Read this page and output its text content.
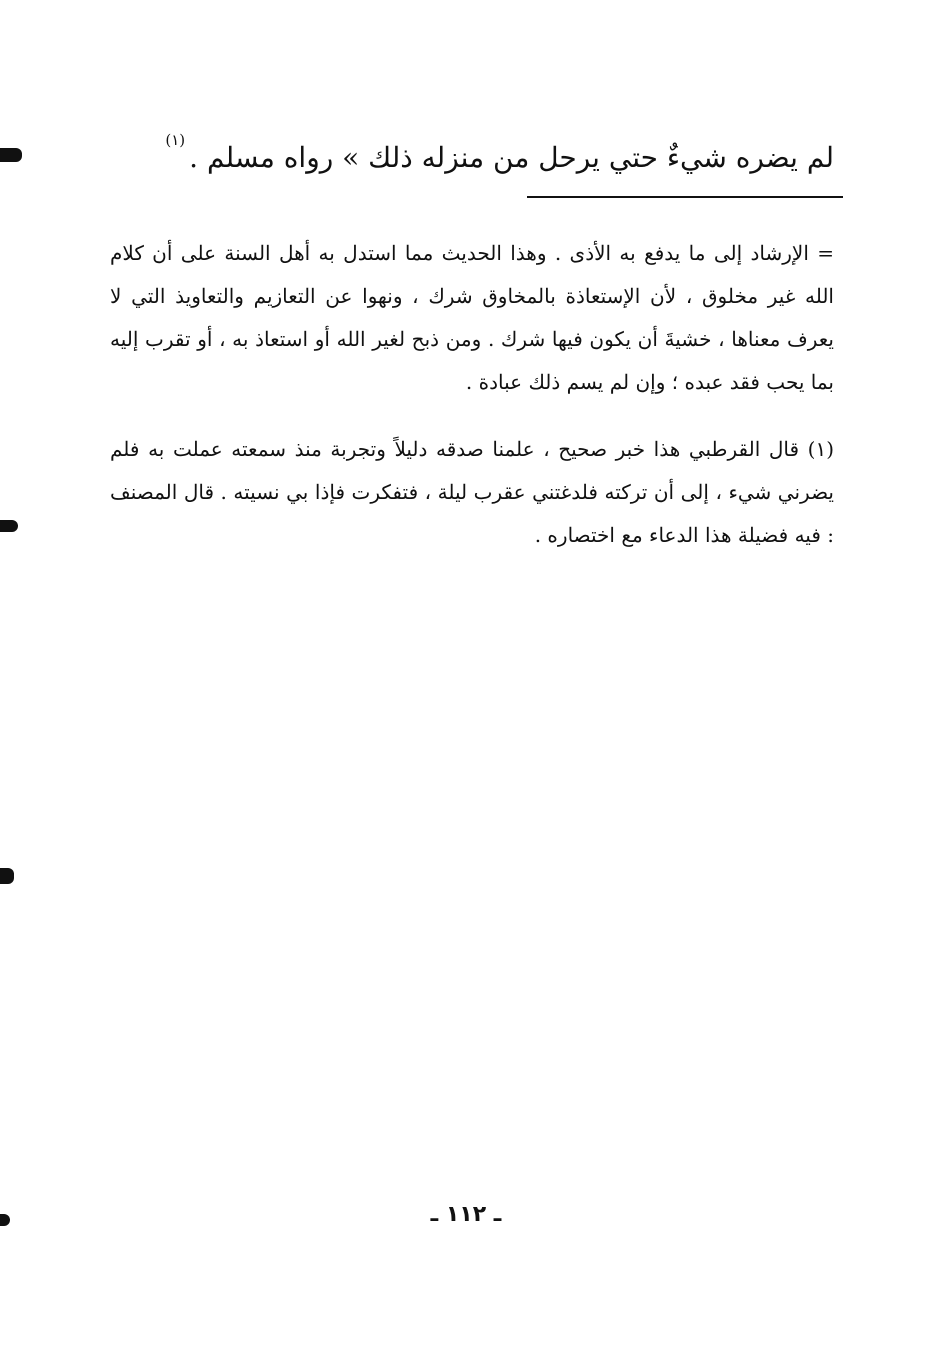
لم يضره شيءٌ حتي يرحل من منزله ذلك » رواه مسلم .$^{(١)}$

= الإرشاد إلى ما يدفع به الأذى . وهذا الحديث مما استدل به أهل السنة على أن كلام الله غير مخلوق ، لأن الإستعاذة بالمخاوق شرك ، ونهوا عن التعازيم والتعاويذ التي لا يعرف معناها ، خشيةَ أن يكون فيها شرك . ومن ذبح لغير الله أو استعاذ به ، أو تقرب إليه بما يحب فقد عبده ؛ وإن لم يسم ذلك عبادة .

(١) قال القرطبي هذا خبر صحيح ، علمنا صدقه دليلاً وتجربة منذ سمعته عملت به فلم يضرني شيء ، إلى أن تركته فلدغتني عقرب ليلة ، فتفكرت فإذا بي نسيته . قال المصنف : فيه فضيلة هذا الدعاء مع اختصاره .

ـ ١١٢ ـ
